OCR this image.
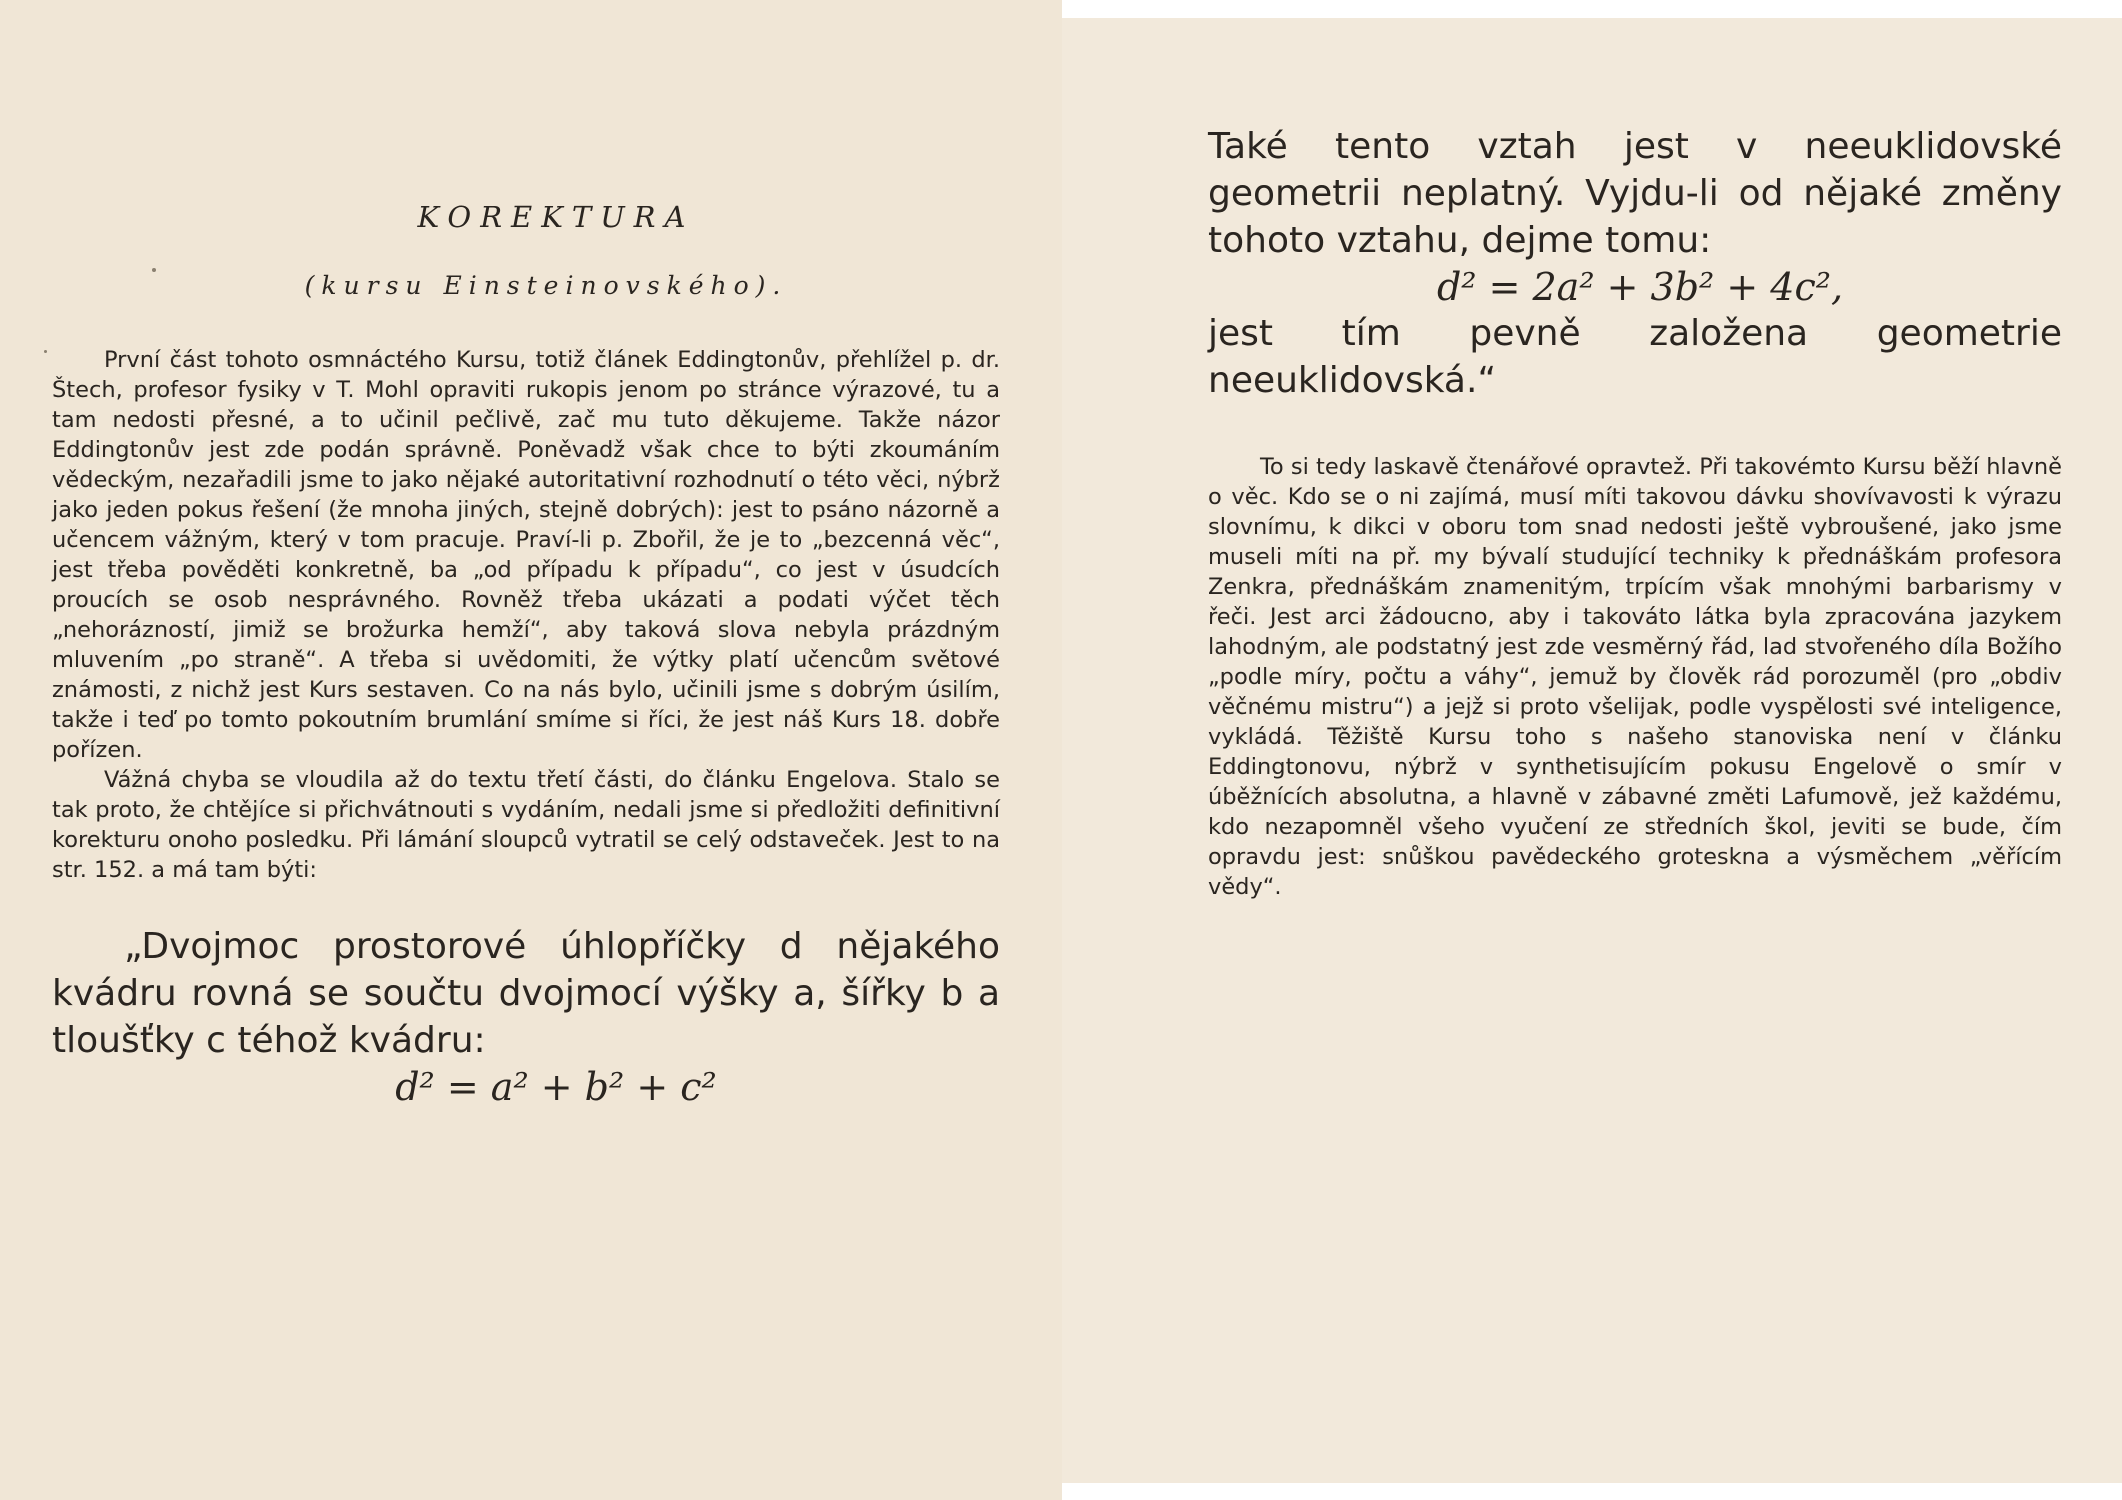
KOREKTURA
(kursu Einsteinovského).

První část tohoto osmnáctého Kursu, totiž článek Eddingtonův, přehlížel p. dr. Štech, profesor fysiky v T. Mohl opraviti rukopis jenom po stránce výrazové, tu a tam nedosti přesné, a to učinil pečlivě, zač mu tuto děkujeme. Takže názor Eddingtonův jest zde podán správně. Poněvadž však chce to býti zkoumáním vědeckým, nezařadili jsme to jako nějaké autoritativní rozhodnutí o této věci, nýbrž jako jeden pokus řešení (že mnoha jiných, stejně dobrých): jest to psáno názorně a učencem vážným, který v tom pracuje. Praví-li p. Zbořil, že je to „bezcenná věc“, jest třeba pověděti konkretně, ba „od případu k případu“, co jest v úsudcích proucích se osob nesprávného. Rovněž třeba ukázati a podati výčet těch „nehorázností, jimiž se brožurka hemží“, aby taková slova nebyla prázdným mluvením „po straně“. A třeba si uvědomiti, že výtky platí učencům světové známosti, z nichž jest Kurs sestaven. Co na nás bylo, učinili jsme s dobrým úsilím, takže i teď po tomto pokoutním brumlání smíme si říci, že jest náš Kurs 18. dobře pořízen.

Vážná chyba se vloudila až do textu třetí části, do článku Engelova. Stalo se tak proto, že chtějíce si přichvátnouti s vydáním, nedali jsme si předložiti definitivní korekturu onoho posledku. Při lámání sloupců vytratil se celý odstaveček. Jest to na str. 152. a má tam býti:

„Dvojmoc prostorové úhlopříčky d nějakého kvádru rovná se součtu dvojmocí výšky a, šířky b a tloušťky c téhož kvádru:

d² = a² + b² + c²

Také tento vztah jest v neeuklidovské geometrii neplatný. Vyjdu-li od nějaké změny tohoto vztahu, dejme tomu:

d² = 2a² + 3b² + 4c²,

jest tím pevně založena geometrie neeuklidovská.“

To si tedy laskavě čtenářové opravtež. Při takovémto Kursu běží hlavně o věc. Kdo se o ni zajímá, musí míti takovou dávku shovívavosti k výrazu slovnímu, k dikci v oboru tom snad nedosti ještě vybroušené, jako jsme museli míti na př. my bývalí studující techniky k přednáškám profesora Zenkra, přednáškám znamenitým, trpícím však mnohými barbarismy v řeči. Jest arci žádoucno, aby i takováto látka byla zpracována jazykem lahodným, ale podstatný jest zde vesměrný řád, lad stvořeného díla Božího „podle míry, počtu a váhy“, jemuž by člověk rád porozuměl (pro „obdiv věčnému mistru“) a jejž si proto všelijak, podle vyspělosti své inteligence, vykládá. Těžiště Kursu toho s našeho stanoviska není v článku Eddingtonovu, nýbrž v synthetisujícím pokusu Engelově o smír v úběžnících absolutna, a hlavně v zábavné změti Lafumově, jež každému, kdo nezapomněl všeho vyučení ze středních škol, jeviti se bude, čím opravdu jest: snůškou pavědeckého groteskna a výsměchem „věřícím vědy“.
